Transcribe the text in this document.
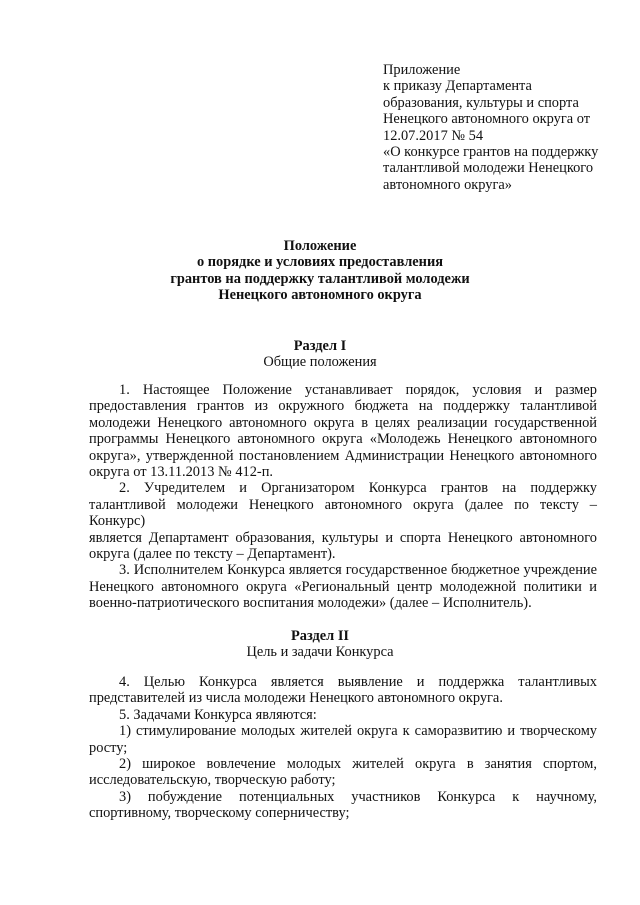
Приложение
к приказу Департамента
образования, культуры и спорта
Ненецкого автономного округа от
12.07.2017 № 54
«О конкурсе грантов на поддержку
талантливой молодежи Ненецкого
автономного округа»
Положение
о порядке и условиях предоставления
грантов на поддержку талантливой молодежи
Ненецкого автономного округа
Раздел I
Общие положения
1. Настоящее Положение устанавливает порядок, условия и размер
предоставления грантов из окружного бюджета на поддержку талантливой
молодежи Ненецкого автономного округа в целях реализации государственной
программы Ненецкого автономного округа «Молодежь Ненецкого автономного
округа», утвержденной постановлением Администрации Ненецкого автономного
округа от 13.11.2013 № 412-п.
2. Учредителем и Организатором Конкурса грантов на поддержку
талантливой молодежи Ненецкого автономного округа (далее по тексту – Конкурс)
является Департамент образования, культуры и спорта Ненецкого автономного
округа (далее по тексту – Департамент).
3. Исполнителем Конкурса является государственное бюджетное учреждение
Ненецкого автономного округа «Региональный центр молодежной политики и
военно-патриотического воспитания молодежи» (далее – Исполнитель).
Раздел II
Цель и задачи Конкурса
4. Целью Конкурса является выявление и поддержка талантливых
представителей из числа молодежи Ненецкого автономного округа.
5. Задачами Конкурса являются:
1) стимулирование молодых жителей округа к саморазвитию и творческому
росту;
2) широкое вовлечение молодых жителей округа в занятия спортом,
исследовательскую, творческую работу;
3) побуждение потенциальных участников Конкурса к научному,
спортивному, творческому соперничеству;
